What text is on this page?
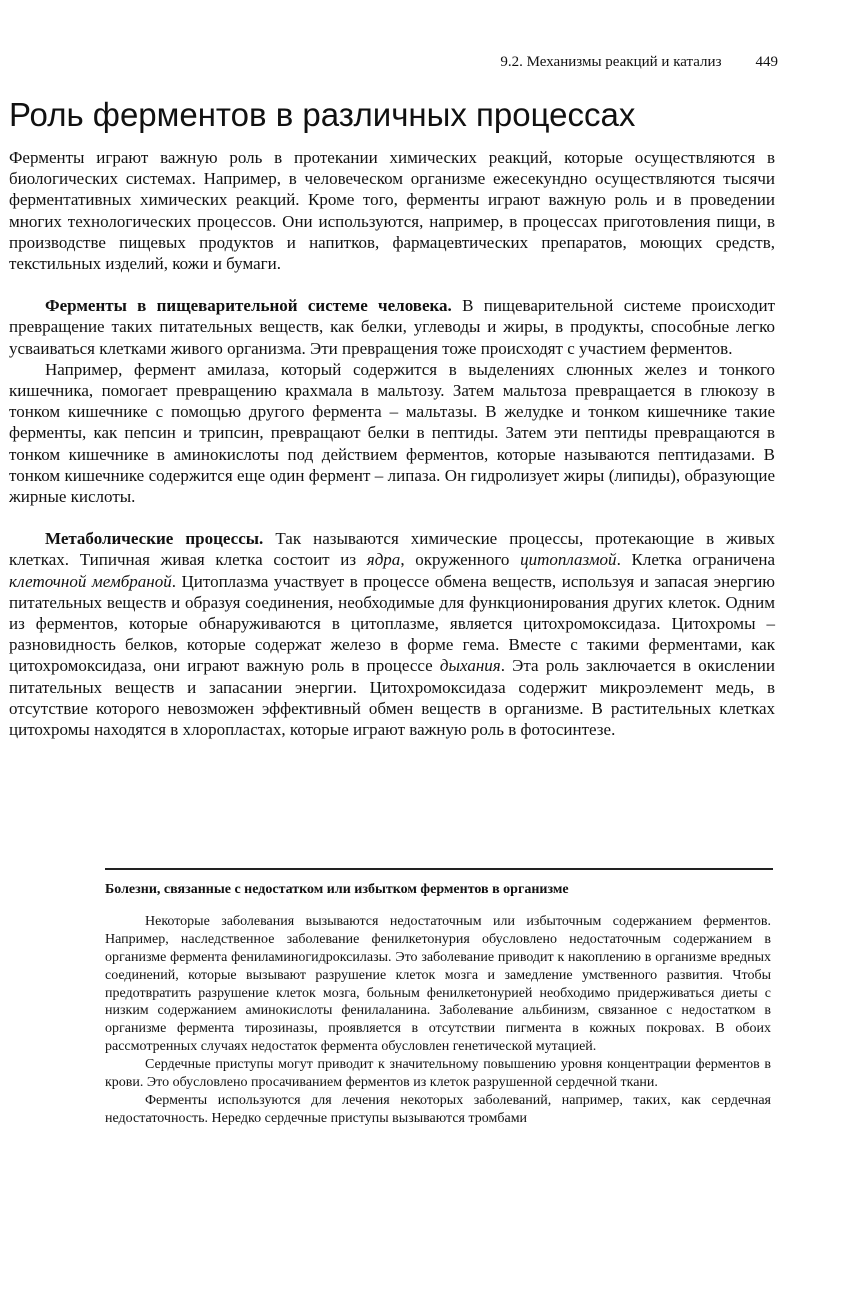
9.2. Механизмы реакций и катализ 449
Роль ферментов в различных процессах

Ферменты играют важную роль в протекании химических реакций, которые осуществляются в биологических системах. Например, в человеческом организме ежесекундно осуществляются тысячи ферментативных химических реакций. Кроме того, ферменты играют важную роль и в проведении многих технологических процессов. Они используются, например, в процессах приготовления пищи, в производстве пищевых продуктов и напитков, фармацевтических препаратов, моющих средств, текстильных изделий, кожи и бумаги.

Ферменты в пищеварительной системе человека. В пищеварительной системе происходит превращение таких питательных веществ, как белки, углеводы и жиры, в продукты, способные легко усваиваться клетками живого организма. Эти превращения тоже происходят с участием ферментов.

Например, фермент амилаза, который содержится в выделениях слюнных желез и тонкого кишечника, помогает превращению крахмала в мальтозу. Затем мальтоза превращается в глюкозу в тонком кишечнике с помощью другого фермента – мальтазы. В желудке и тонком кишечнике такие ферменты, как пепсин и трипсин, превращают белки в пептиды. Затем эти пептиды превращаются в тонком кишечнике в аминокислоты под действием ферментов, которые называются пептидазами. В тонком кишечнике содержится еще один фермент – липаза. Он гидролизует жиры (липиды), образующие жирные кислоты.

Метаболические процессы. Так называются химические процессы, протекающие в живых клетках. Типичная живая клетка состоит из ядра, окруженного цитоплазмой. Клетка ограничена клеточной мембраной. Цитоплазма участвует в процессе обмена веществ, используя и запасая энергию питательных веществ и образуя соединения, необходимые для функционирования других клеток. Одним из ферментов, которые обнаруживаются в цитоплазме, является цитохромоксидаза. Цитохромы – разновидность белков, которые содержат железо в форме гема. Вместе с такими ферментами, как цитохромоксидаза, они играют важную роль в процессе дыхания. Эта роль заключается в окислении питательных веществ и запасании энергии. Цитохромоксидаза содержит микроэлемент медь, в отсутствие которого невозможен эффективный обмен веществ в организме. В растительных клетках цитохромы находятся в хлоропластах, которые играют важную роль в фотосинтезе.

Болезни, связанные с недостатком или избытком ферментов в организме

Некоторые заболевания вызываются недостаточным или избыточным содержанием ферментов. Например, наследственное заболевание фенилкетонурия обусловлено недостаточным содержанием в организме фермента фениламиногидроксилазы. Это заболевание приводит к накоплению в организме вредных соединений, которые вызывают разрушение клеток мозга и замедление умственного развития. Чтобы предотвратить разрушение клеток мозга, больным фенилкетонурией необходимо придерживаться диеты с низким содержанием аминокислоты фенилаланина. Заболевание альбинизм, связанное с недостатком в организме фермента тирозиназы, проявляется в отсутствии пигмента в кожных покровах. В обоих рассмотренных случаях недостаток фермента обусловлен генетической мутацией.

Сердечные приступы могут приводит к значительному повышению уровня концентрации ферментов в крови. Это обусловлено просачиванием ферментов из клеток разрушенной сердечной ткани.

Ферменты используются для лечения некоторых заболеваний, например, таких, как сердечная недостаточность. Нередко сердечные приступы вызываются тромбами
